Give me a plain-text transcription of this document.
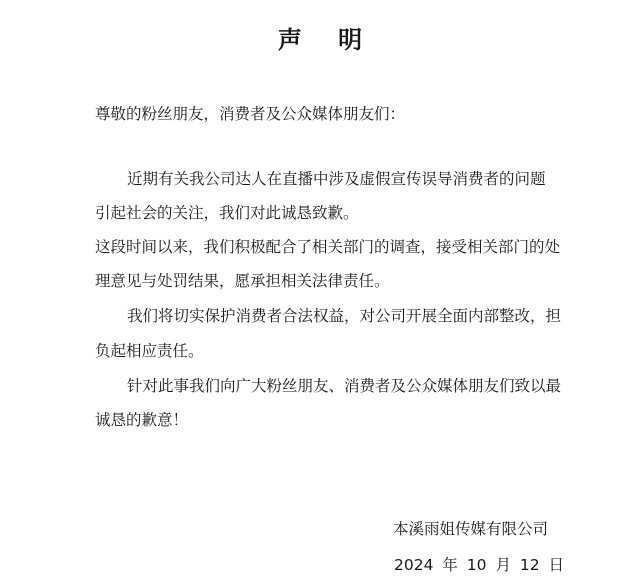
声 明
尊敬的粉丝朋友，消费者及公众媒体朋友们：
近期有关我公司达人在直播中涉及虚假宣传误导消费者的问题
引起社会的关注，我们对此诚恳致歉。
这段时间以来，我们积极配合了相关部门的调查，接受相关部门的处
理意见与处罚结果，愿承担相关法律责任。
我们将切实保护消费者合法权益，对公司开展全面内部整改，担
负起相应责任。
针对此事我们向广大粉丝朋友、消费者及公众媒体朋友们致以最
诚恳的歉意！
本溪雨姐传媒有限公司
2024 年 10 月 12 日
